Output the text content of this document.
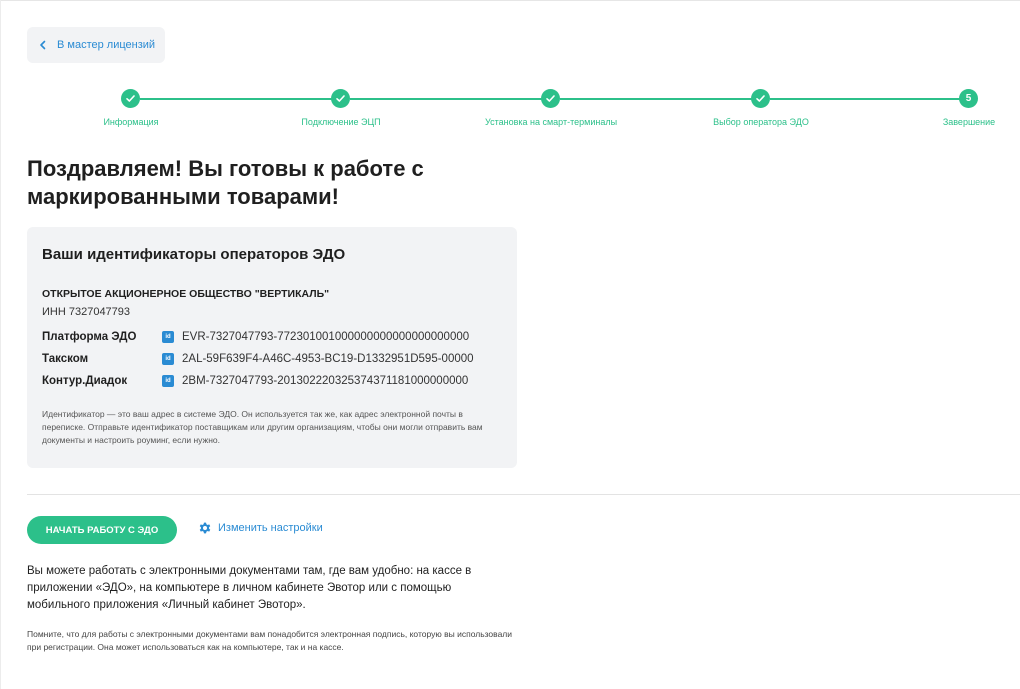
В мастер лицензий
5
Информация	Подключение ЭЦП	Установка на смарт-терминалы	Выбор оператора ЭДО	Завершение
Поздравляем! Вы готовы к работе с маркированными товарами!
Ваши идентификаторы операторов ЭДО
ОТКРЫТОЕ АКЦИОНЕРНОЕ ОБЩЕСТВО "ВЕРТИКАЛЬ"
ИНН 7327047793
Платформа ЭДО	id EVR-7327047793-772301001000000000000000000000
Такском	id 2AL-59F639F4-A46C-4953-BC19-D1332951D595-00000
Контур.Диадок	id 2BM-7327047793-201302220325374371181000000000
Идентификатор — это ваш адрес в системе ЭДО. Он используется так же, как адрес электронной почты в переписке. Отправьте идентификатор поставщикам или другим организациям, чтобы они могли отправить вам документы и настроить роуминг, если нужно.
НАЧАТЬ РАБОТУ С ЭДО	Изменить настройки

Вы можете работать с электронными документами там, где вам удобно: на кассе в приложении «ЭДО», на компьютере в личном кабинете Эвотор или с помощью мобильного приложения «Личный кабинет Эвотор».

Помните, что для работы с электронными документами вам понадобится электронная подпись, которую вы использовали при регистрации. Она может использоваться как на компьютере, так и на кассе.
